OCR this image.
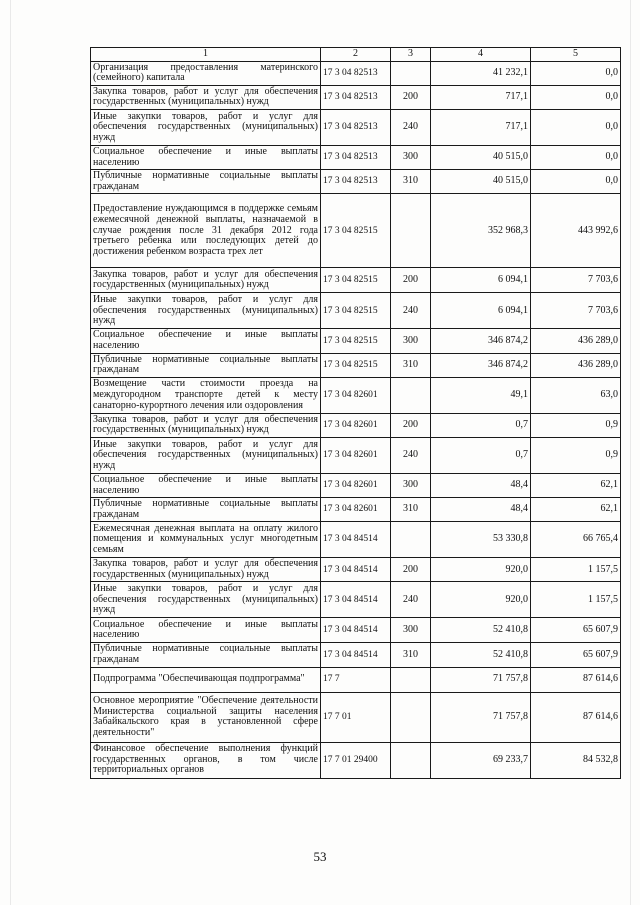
1	2	3	4	5
Организация предоставления материнского (семейного) капитала	17 3 04 82513		41 232,1	0,0
Закупка товаров, работ и услуг для обеспечения государственных (муниципальных) нужд	17 3 04 82513	200	717,1	0,0
Иные закупки товаров, работ и услуг для обеспечения государственных (муниципальных) нужд	17 3 04 82513	240	717,1	0,0
Социальное обеспечение и иные выплаты населению	17 3 04 82513	300	40 515,0	0,0
Публичные нормативные социальные выплаты гражданам	17 3 04 82513	310	40 515,0	0,0
Предоставление нуждающимся в поддержке семьям ежемесячной денежной выплаты, назначаемой в случае рождения после 31 декабря 2012 года третьего ребенка или последующих детей до достижения ребенком возраста трех лет	17 3 04 82515		352 968,3	443 992,6
Закупка товаров, работ и услуг для обеспечения государственных (муниципальных) нужд	17 3 04 82515	200	6 094,1	7 703,6
Иные закупки товаров, работ и услуг для обеспечения государственных (муниципальных) нужд	17 3 04 82515	240	6 094,1	7 703,6
Социальное обеспечение и иные выплаты населению	17 3 04 82515	300	346 874,2	436 289,0
Публичные нормативные социальные выплаты гражданам	17 3 04 82515	310	346 874,2	436 289,0
Возмещение части стоимости проезда на междугородном транспорте детей к месту санаторно-курортного лечения или оздоровления	17 3 04 82601		49,1	63,0
Закупка товаров, работ и услуг для обеспечения государственных (муниципальных) нужд	17 3 04 82601	200	0,7	0,9
Иные закупки товаров, работ и услуг для обеспечения государственных (муниципальных) нужд	17 3 04 82601	240	0,7	0,9
Социальное обеспечение и иные выплаты населению	17 3 04 82601	300	48,4	62,1
Публичные нормативные социальные выплаты гражданам	17 3 04 82601	310	48,4	62,1
Ежемесячная денежная выплата на оплату жилого помещения и коммунальных услуг многодетным семьям	17 3 04 84514		53 330,8	66 765,4
Закупка товаров, работ и услуг для обеспечения государственных (муниципальных) нужд	17 3 04 84514	200	920,0	1 157,5
Иные закупки товаров, работ и услуг для обеспечения государственных (муниципальных) нужд	17 3 04 84514	240	920,0	1 157,5
Социальное обеспечение и иные выплаты населению	17 3 04 84514	300	52 410,8	65 607,9
Публичные нормативные социальные выплаты гражданам	17 3 04 84514	310	52 410,8	65 607,9
Подпрограмма "Обеспечивающая подпрограмма"	17 7		71 757,8	87 614,6
Основное мероприятие "Обеспечение деятельности Министерства социальной защиты населения Забайкальского края в установленной сфере деятельности"	17 7 01		71 757,8	87 614,6
Финансовое обеспечение выполнения функций государственных органов, в том числе территориальных органов	17 7 01 29400		69 233,7	84 532,8
53
